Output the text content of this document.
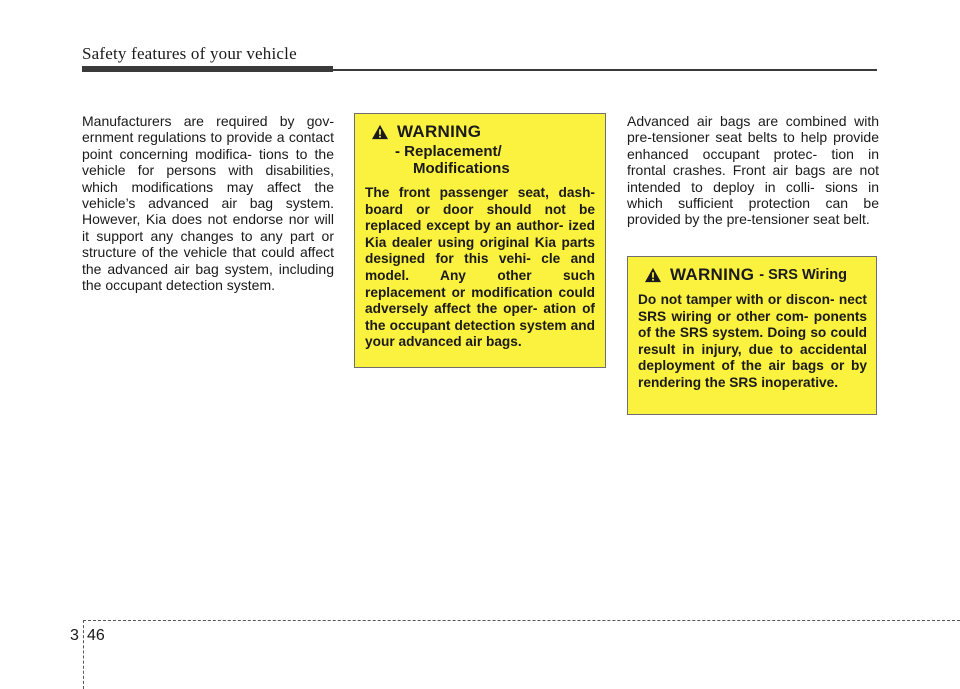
Safety features of your vehicle

Manufacturers are required by gov- ernment regulations to provide a contact point concerning modifica- tions to the vehicle for persons with disabilities, which modifications may affect the vehicle’s advanced air bag system. However, Kia does not endorse nor will it support any changes to any part or structure of the vehicle that could affect the advanced air bag system, including the occupant detection system.

WARNING
- Replacement/
Modifications

The front passenger seat, dash- board or door should not be replaced except by an author- ized Kia dealer using original Kia parts designed for this vehi- cle and model. Any other such replacement or modification could adversely affect the oper- ation of the occupant detection system and your advanced air bags.

Advanced air bags are combined with pre-tensioner seat belts to help provide enhanced occupant protec- tion in frontal crashes. Front air bags are not intended to deploy in colli- sions in which sufficient protection can be provided by the pre-tensioner seat belt.

WARNING - SRS Wiring

Do not tamper with or discon- nect SRS wiring or other com- ponents of the SRS system. Doing so could result in injury, due to accidental deployment of the air bags or by rendering the SRS inoperative.

3 46
